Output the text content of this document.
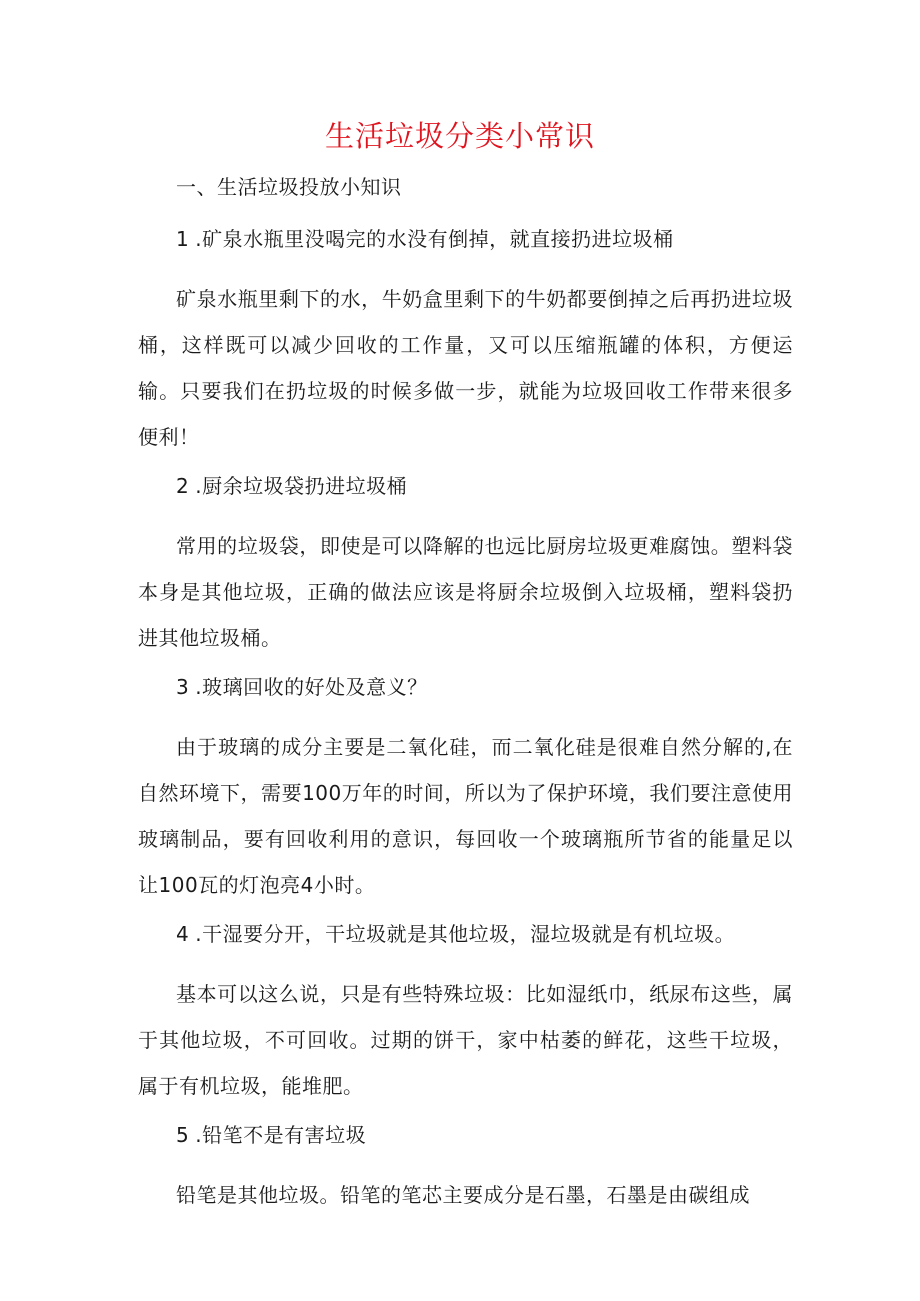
生活垃圾分类小常识
一、生活垃圾投放小知识
1 .矿泉水瓶里没喝完的水没有倒掉，就直接扔进垃圾桶

矿泉水瓶里剩下的水，牛奶盒里剩下的牛奶都要倒掉之后再扔进垃圾桶，这样既可以减少回收的工作量，又可以压缩瓶罐的体积，方便运输。只要我们在扔垃圾的时候多做一步，就能为垃圾回收工作带来很多便利！

2 .厨余垃圾袋扔进垃圾桶

常用的垃圾袋，即使是可以降解的也远比厨房垃圾更难腐蚀。塑料袋本身是其他垃圾，正确的做法应该是将厨余垃圾倒入垃圾桶，塑料袋扔进其他垃圾桶。

3 .玻璃回收的好处及意义？

由于玻璃的成分主要是二氧化硅，而二氧化硅是很难自然分解的,在自然环境下，需要100万年的时间，所以为了保护环境，我们要注意使用玻璃制品，要有回收利用的意识，每回收一个玻璃瓶所节省的能量足以让100瓦的灯泡亮4小时。

4 .干湿要分开，干垃圾就是其他垃圾，湿垃圾就是有机垃圾。

基本可以这么说，只是有些特殊垃圾：比如湿纸巾，纸尿布这些，属于其他垃圾，不可回收。过期的饼干，家中枯萎的鲜花，这些干垃圾，属于有机垃圾，能堆肥。

5 .铅笔不是有害垃圾

铅笔是其他垃圾。铅笔的笔芯主要成分是石墨，石墨是由碳组成
